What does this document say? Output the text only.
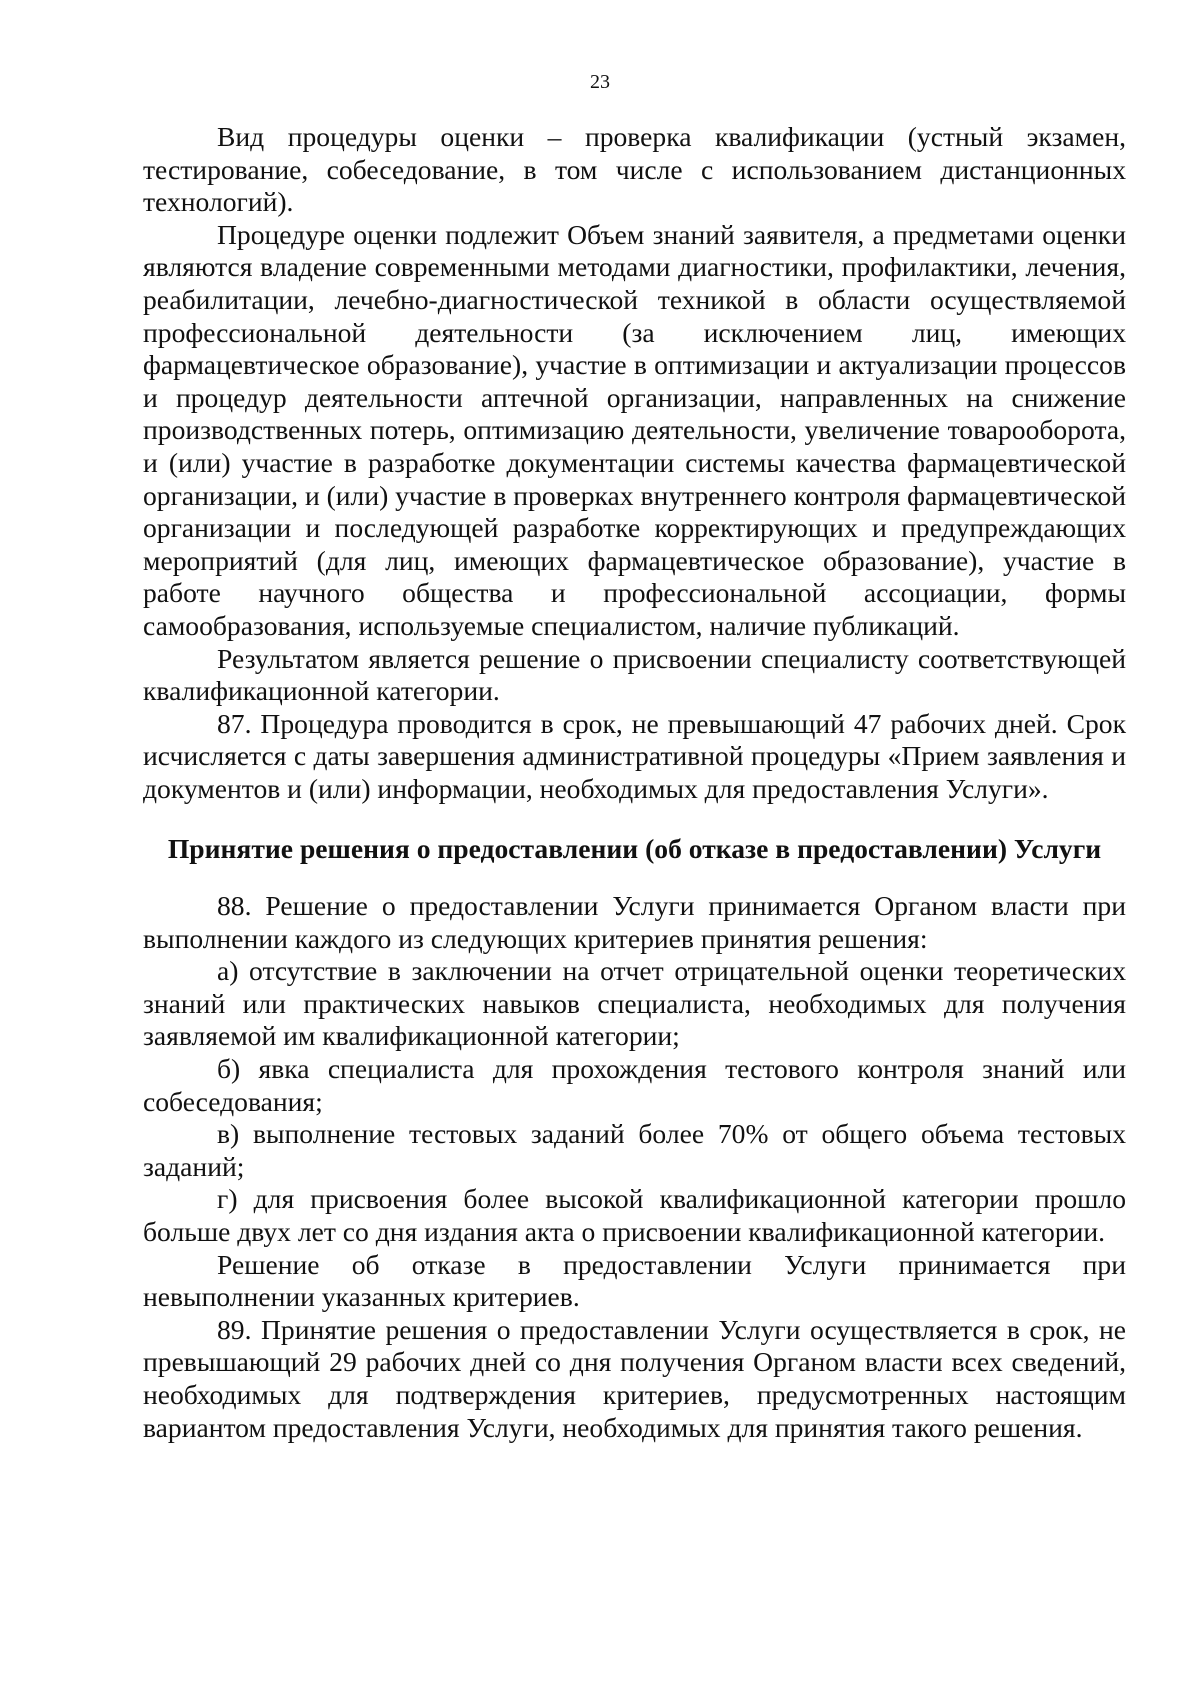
23

Вид процедуры оценки – проверка квалификации (устный экзамен, тестирование, собеседование, в том числе с использованием дистанционных технологий).

Процедуре оценки подлежит Объем знаний заявителя, а предметами оценки являются владение современными методами диагностики, профилактики, лечения, реабилитации, лечебно-диагностической техникой в области осуществляемой профессиональной деятельности (за исключением лиц, имеющих фармацевтическое образование), участие в оптимизации и актуализации процессов и процедур деятельности аптечной организации, направленных на снижение производственных потерь, оптимизацию деятельности, увеличение товарооборота, и (или) участие в разработке документации системы качества фармацевтической организации, и (или) участие в проверках внутреннего контроля фармацевтической организации и последующей разработке корректирующих и предупреждающих мероприятий (для лиц, имеющих фармацевтическое образование), участие в работе научного общества и профессиональной ассоциации, формы самообразования, используемые специалистом, наличие публикаций.

Результатом является решение о присвоении специалисту соответствующей квалификационной категории.

87. Процедура проводится в срок, не превышающий 47 рабочих дней. Срок исчисляется с даты завершения административной процедуры «Прием заявления и документов и (или) информации, необходимых для предоставления Услуги».

Принятие решения о предоставлении (об отказе в предоставлении) Услуги

88. Решение о предоставлении Услуги принимается Органом власти при выполнении каждого из следующих критериев принятия решения:

а) отсутствие в заключении на отчет отрицательной оценки теоретических знаний или практических навыков специалиста, необходимых для получения заявляемой им квалификационной категории;

б) явка специалиста для прохождения тестового контроля знаний или собеседования;

в) выполнение тестовых заданий более 70% от общего объема тестовых заданий;

г) для присвоения более высокой квалификационной категории прошло больше двух лет со дня издания акта о присвоении квалификационной категории.

Решение об отказе в предоставлении Услуги принимается при невыполнении указанных критериев.

89. Принятие решения о предоставлении Услуги осуществляется в срок, не превышающий 29 рабочих дней со дня получения Органом власти всех сведений, необходимых для подтверждения критериев, предусмотренных настоящим вариантом предоставления Услуги, необходимых для принятия такого решения.
